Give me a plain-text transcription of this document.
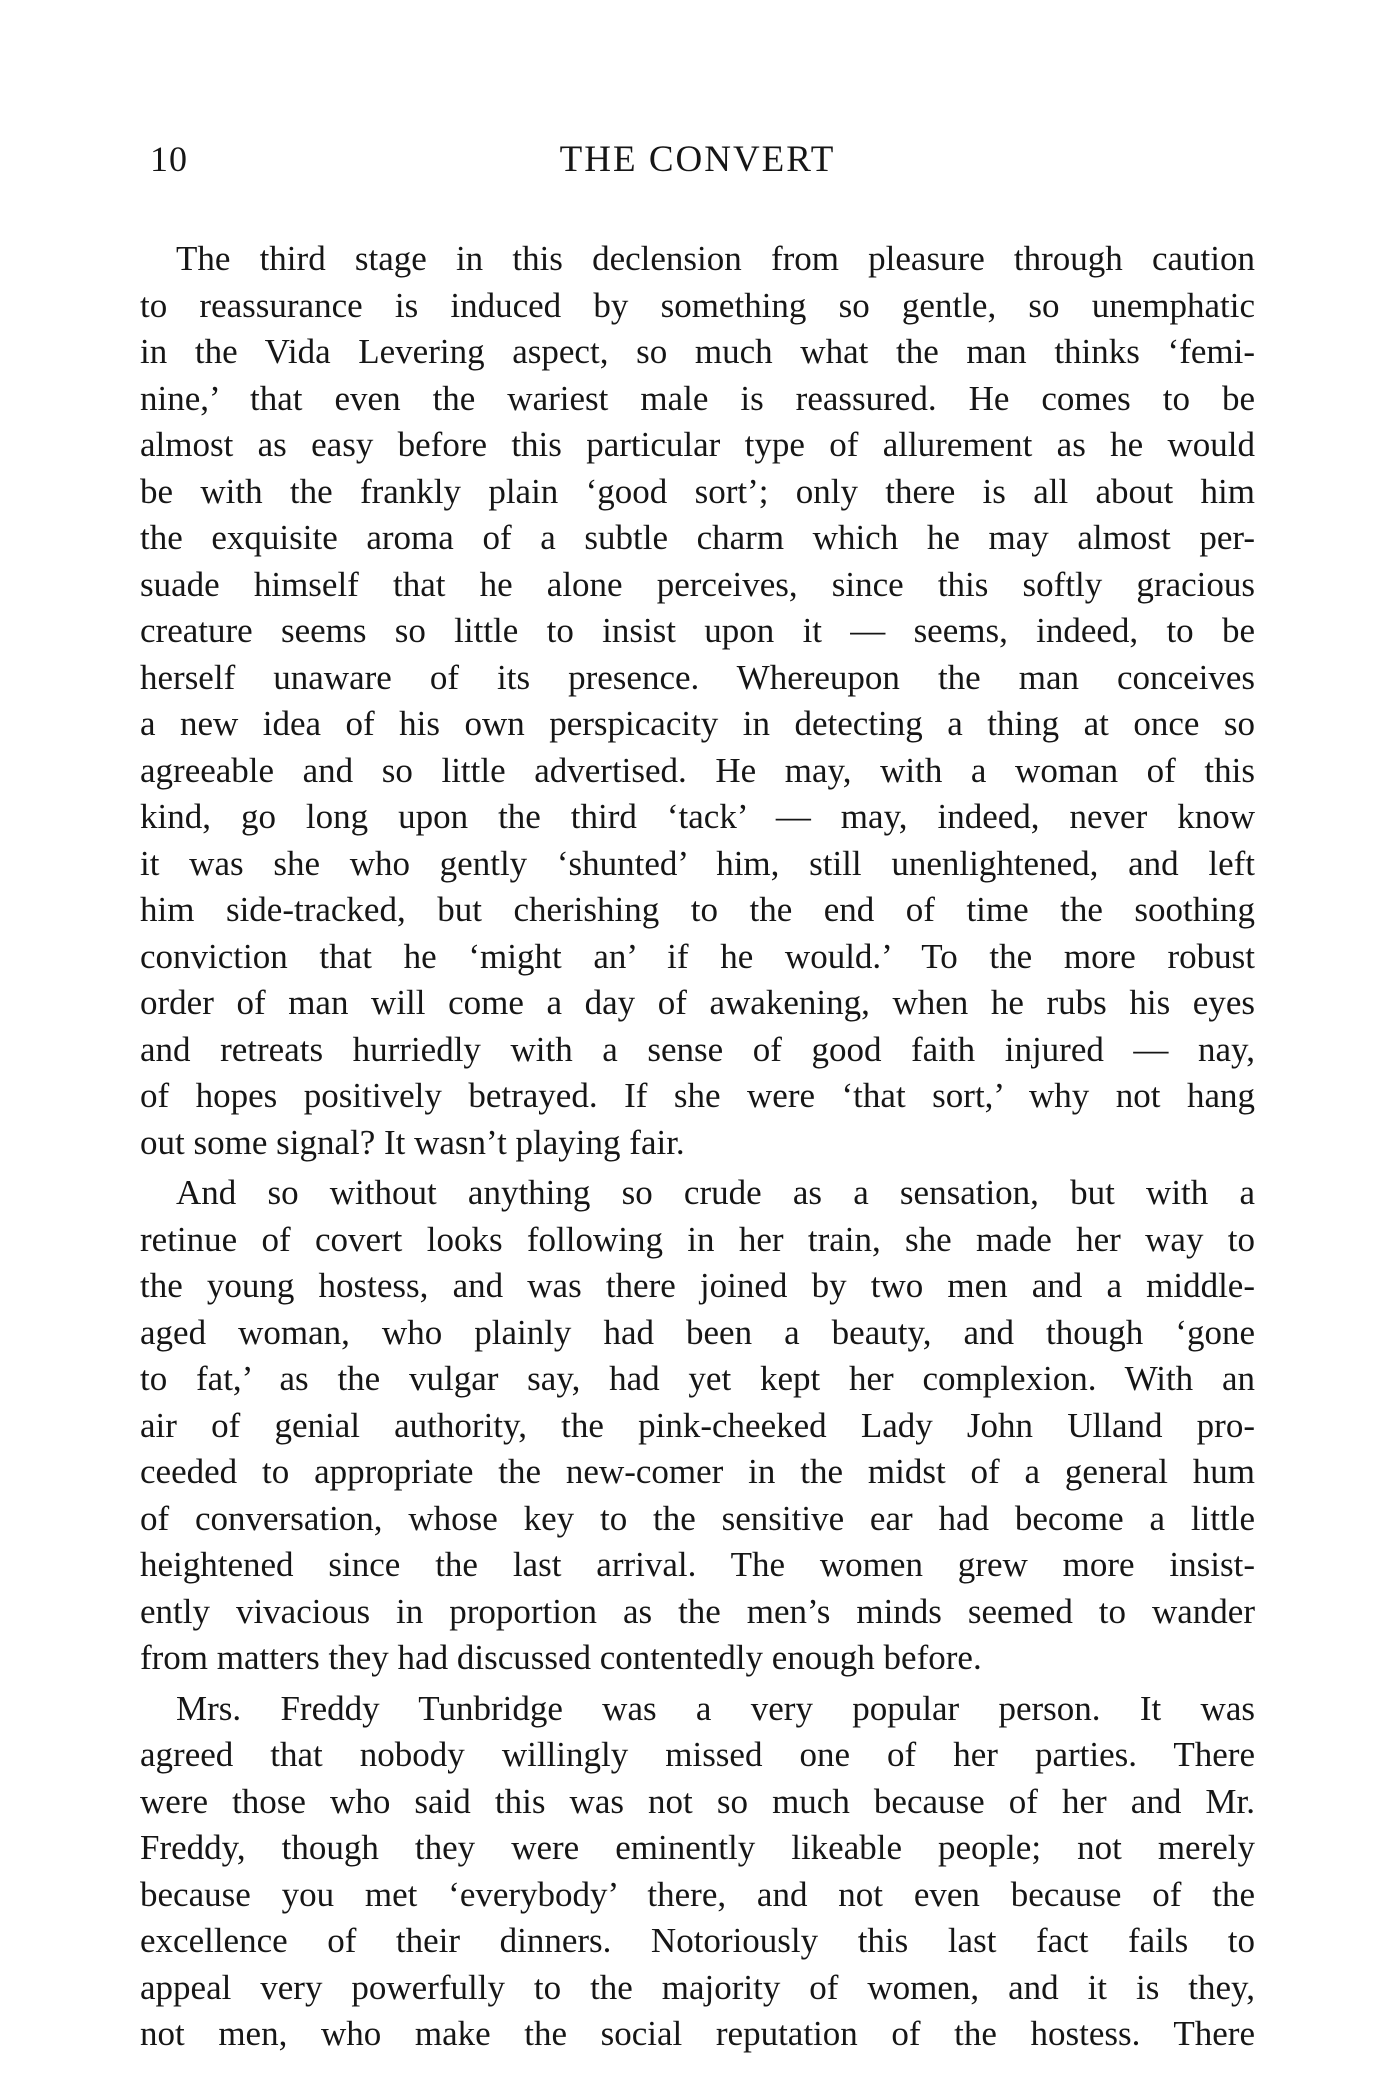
10	THE CONVERT
The third stage in this declension from pleasure through caution
to reassurance is induced by something so gentle, so unemphatic
in the Vida Levering aspect, so much what the man thinks ‘femi-
nine,’ that even the wariest male is reassured. He comes to be
almost as easy before this particular type of allurement as he would
be with the frankly plain ‘good sort’; only there is all about him
the exquisite aroma of a subtle charm which he may almost per-
suade himself that he alone perceives, since this softly gracious
creature seems so little to insist upon it — seems, indeed, to be
herself unaware of its presence. Whereupon the man conceives
a new idea of his own perspicacity in detecting a thing at once so
agreeable and so little advertised. He may, with a woman of this
kind, go long upon the third ‘tack’ — may, indeed, never know
it was she who gently ‘shunted’ him, still unenlightened, and left
him side-tracked, but cherishing to the end of time the soothing
conviction that he ‘might an’ if he would.’ To the more robust
order of man will come a day of awakening, when he rubs his eyes
and retreats hurriedly with a sense of good faith injured — nay,
of hopes positively betrayed. If she were ‘that sort,’ why not hang
out some signal? It wasn’t playing fair.
And so without anything so crude as a sensation, but with a
retinue of covert looks following in her train, she made her way to
the young hostess, and was there joined by two men and a middle-
aged woman, who plainly had been a beauty, and though ‘gone
to fat,’ as the vulgar say, had yet kept her complexion. With an
air of genial authority, the pink-cheeked Lady John Ulland pro-
ceeded to appropriate the new-comer in the midst of a general hum
of conversation, whose key to the sensitive ear had become a little
heightened since the last arrival. The women grew more insist-
ently vivacious in proportion as the men’s minds seemed to wander
from matters they had discussed contentedly enough before.
Mrs. Freddy Tunbridge was a very popular person. It was
agreed that nobody willingly missed one of her parties. There
were those who said this was not so much because of her and Mr.
Freddy, though they were eminently likeable people; not merely
because you met ‘everybody’ there, and not even because of the
excellence of their dinners. Notoriously this last fact fails to
appeal very powerfully to the majority of women, and it is they,
not men, who make the social reputation of the hostess. There
